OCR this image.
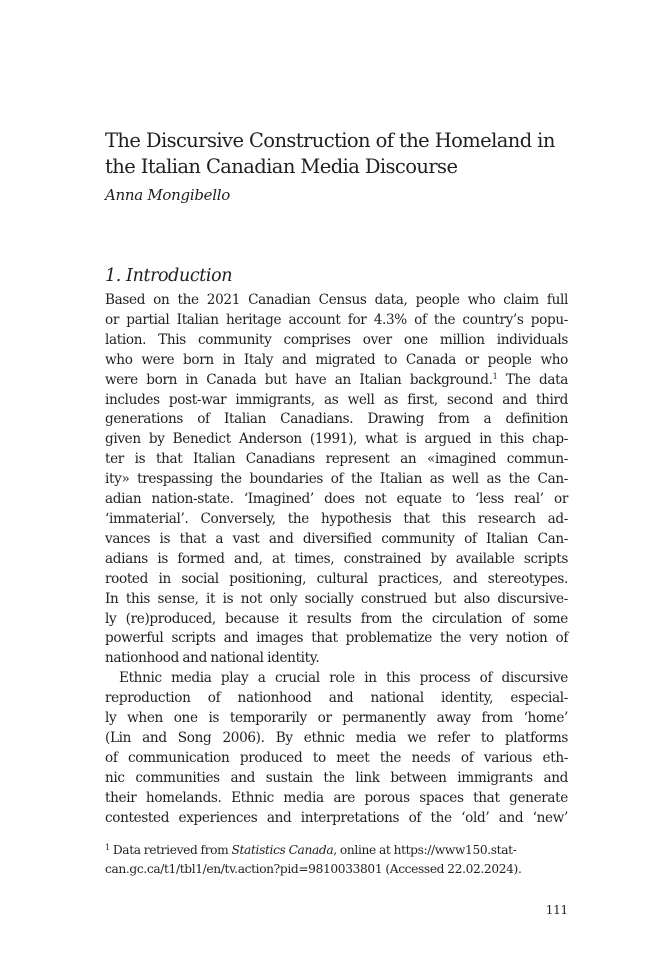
The Discursive Construction of the Homeland in
the Italian Canadian Media Discourse

Anna Mongibello

1. Introduction

Based on the 2021 Canadian Census data, people who claim full
or partial Italian heritage account for 4.3% of the country’s popu-
lation. This community comprises over one million individuals
who were born in Italy and migrated to Canada or people who
were born in Canada but have an Italian background.$^1$ The data
includes post-war immigrants, as well as first, second and third
generations of Italian Canadians. Drawing from a definition
given by Benedict Anderson (1991), what is argued in this chap-
ter is that Italian Canadians represent an «imagined commun-
ity» trespassing the boundaries of the Italian as well as the Can-
adian nation-state. ‘Imagined’ does not equate to ‘less real’ or
‘immaterial’. Conversely, the hypothesis that this research ad-
vances is that a vast and diversified community of Italian Can-
adians is formed and, at times, constrained by available scripts
rooted in social positioning, cultural practices, and stereotypes.
In this sense, it is not only socially construed but also discursive-
ly (re)produced, because it results from the circulation of some
powerful scripts and images that problematize the very notion of
nationhood and national identity.

Ethnic media play a crucial role in this process of discursive
reproduction of nationhood and national identity, especial-
ly when one is temporarily or permanently away from ‘home’
(Lin and Song 2006). By ethnic media we refer to platforms
of communication produced to meet the needs of various eth-
nic communities and sustain the link between immigrants and
their homelands. Ethnic media are porous spaces that generate
contested experiences and interpretations of the ‘old’ and ‘new’

$^1$ Data retrieved from Statistics Canada, online at https://www150.stat-
can.gc.ca/t1/tbl1/en/tv.action?pid=9810033801 (Accessed 22.02.2024).

111
